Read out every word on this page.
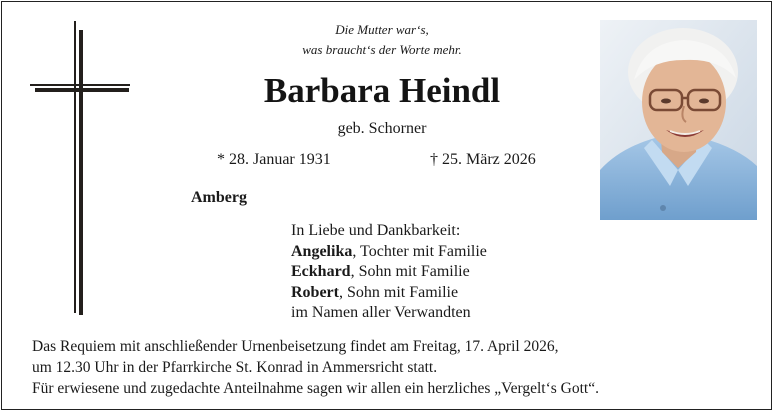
Die Mutter war‘s,
was braucht‘s der Worte mehr.
Barbara Heindl
geb. Schorner
* 28. Januar 1931	† 25. März 2026
Amberg
In Liebe und Dankbarkeit:
Angelika, Tochter mit Familie
Eckhard, Sohn mit Familie
Robert, Sohn mit Familie
im Namen aller Verwandten
Das Requiem mit anschließender Urnenbeisetzung findet am Freitag, 17. April 2026,
um 12.30 Uhr in der Pfarrkirche St. Konrad in Ammersricht statt.
Für erwiesene und zugedachte Anteilnahme sagen wir allen ein herzliches „Vergelt‘s Gott“.
